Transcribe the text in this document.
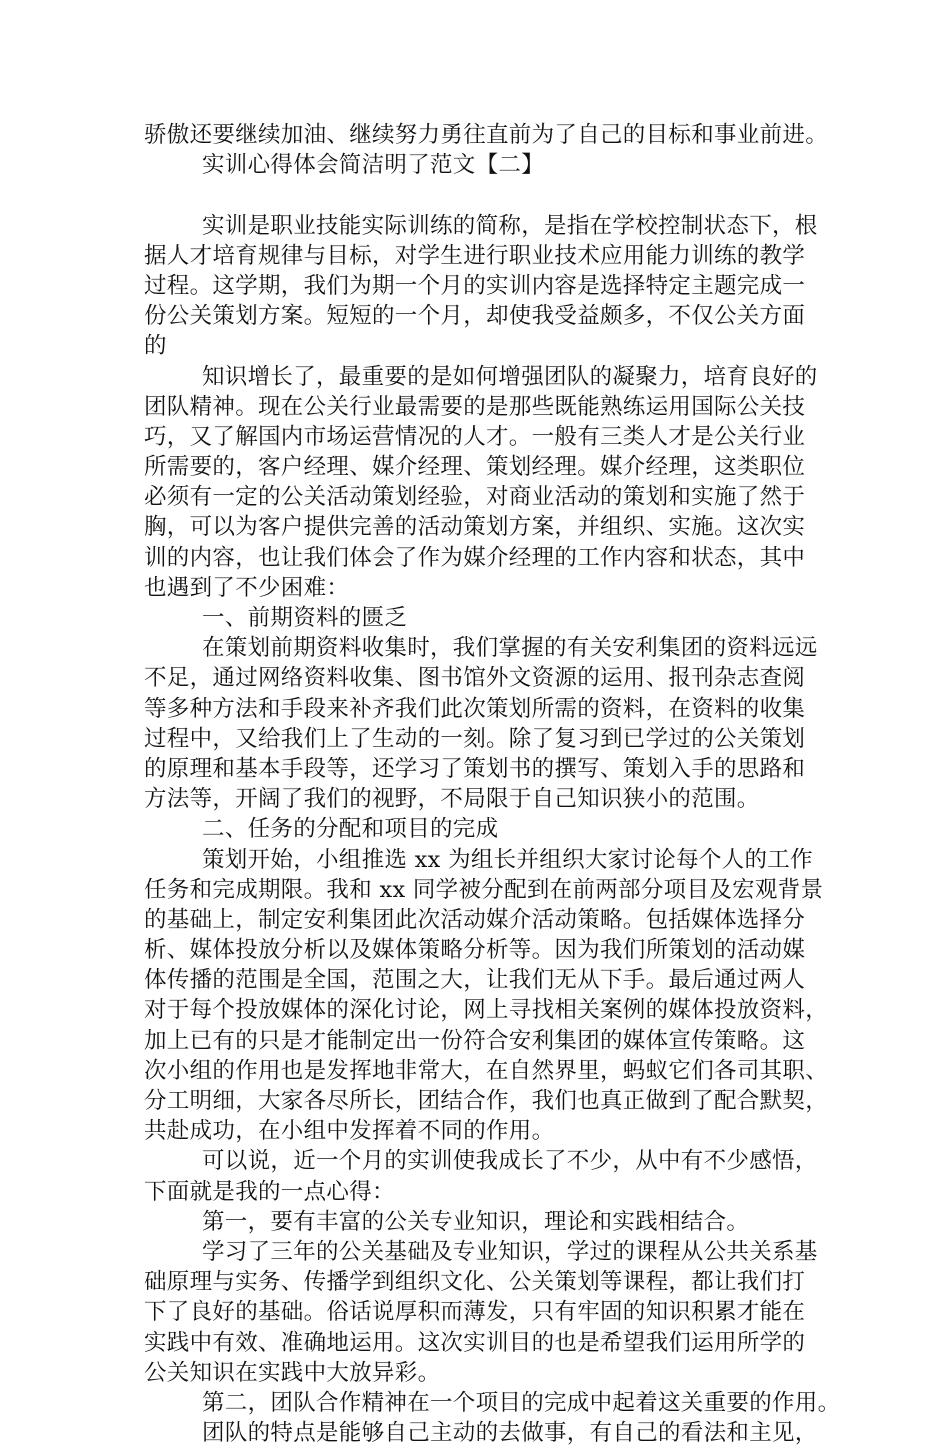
骄傲还要继续加油、继续努力勇往直前为了自己的目标和事业前进。
实训心得体会简洁明了范文【二】
实训是职业技能实际训练的简称，是指在学校控制状态下，根
据人才培育规律与目标，对学生进行职业技术应用能力训练的教学
过程。这学期，我们为期一个月的实训内容是选择特定主题完成一
份公关策划方案。短短的一个月，却使我受益颇多，不仅公关方面
的
知识增长了，最重要的是如何增强团队的凝聚力，培育良好的
团队精神。现在公关行业最需要的是那些既能熟练运用国际公关技
巧，又了解国内市场运营情况的人才。一般有三类人才是公关行业
所需要的，客户经理、媒介经理、策划经理。媒介经理，这类职位
必须有一定的公关活动策划经验，对商业活动的策划和实施了然于
胸，可以为客户提供完善的活动策划方案，并组织、实施。这次实
训的内容，也让我们体会了作为媒介经理的工作内容和状态，其中
也遇到了不少困难：
一、前期资料的匮乏
在策划前期资料收集时，我们掌握的有关安利集团的资料远远
不足，通过网络资料收集、图书馆外文资源的运用、报刊杂志查阅
等多种方法和手段来补齐我们此次策划所需的资料，在资料的收集
过程中，又给我们上了生动的一刻。除了复习到已学过的公关策划
的原理和基本手段等，还学习了策划书的撰写、策划入手的思路和
方法等，开阔了我们的视野，不局限于自己知识狭小的范围。
二、任务的分配和项目的完成
策划开始，小组推选 xx 为组长并组织大家讨论每个人的工作
任务和完成期限。我和 xx 同学被分配到在前两部分项目及宏观背景
的基础上，制定安利集团此次活动媒介活动策略。包括媒体选择分
析、媒体投放分析以及媒体策略分析等。因为我们所策划的活动媒
体传播的范围是全国，范围之大，让我们无从下手。最后通过两人
对于每个投放媒体的深化讨论，网上寻找相关案例的媒体投放资料，
加上已有的只是才能制定出一份符合安利集团的媒体宣传策略。这
次小组的作用也是发挥地非常大，在自然界里，蚂蚁它们各司其职、
分工明细，大家各尽所长，团结合作，我们也真正做到了配合默契，
共赴成功，在小组中发挥着不同的作用。
可以说，近一个月的实训使我成长了不少，从中有不少感悟，
下面就是我的一点心得：
第一，要有丰富的公关专业知识，理论和实践相结合。
学习了三年的公关基础及专业知识，学过的课程从公共关系基
础原理与实务、传播学到组织文化、公关策划等课程，都让我们打
下了良好的基础。俗话说厚积而薄发，只有牢固的知识积累才能在
实践中有效、准确地运用。这次实训目的也是希望我们运用所学的
公关知识在实践中大放异彩。
第二，团队合作精神在一个项目的完成中起着这关重要的作用。
团队的特点是能够自己主动的去做事，有自己的看法和主见，
